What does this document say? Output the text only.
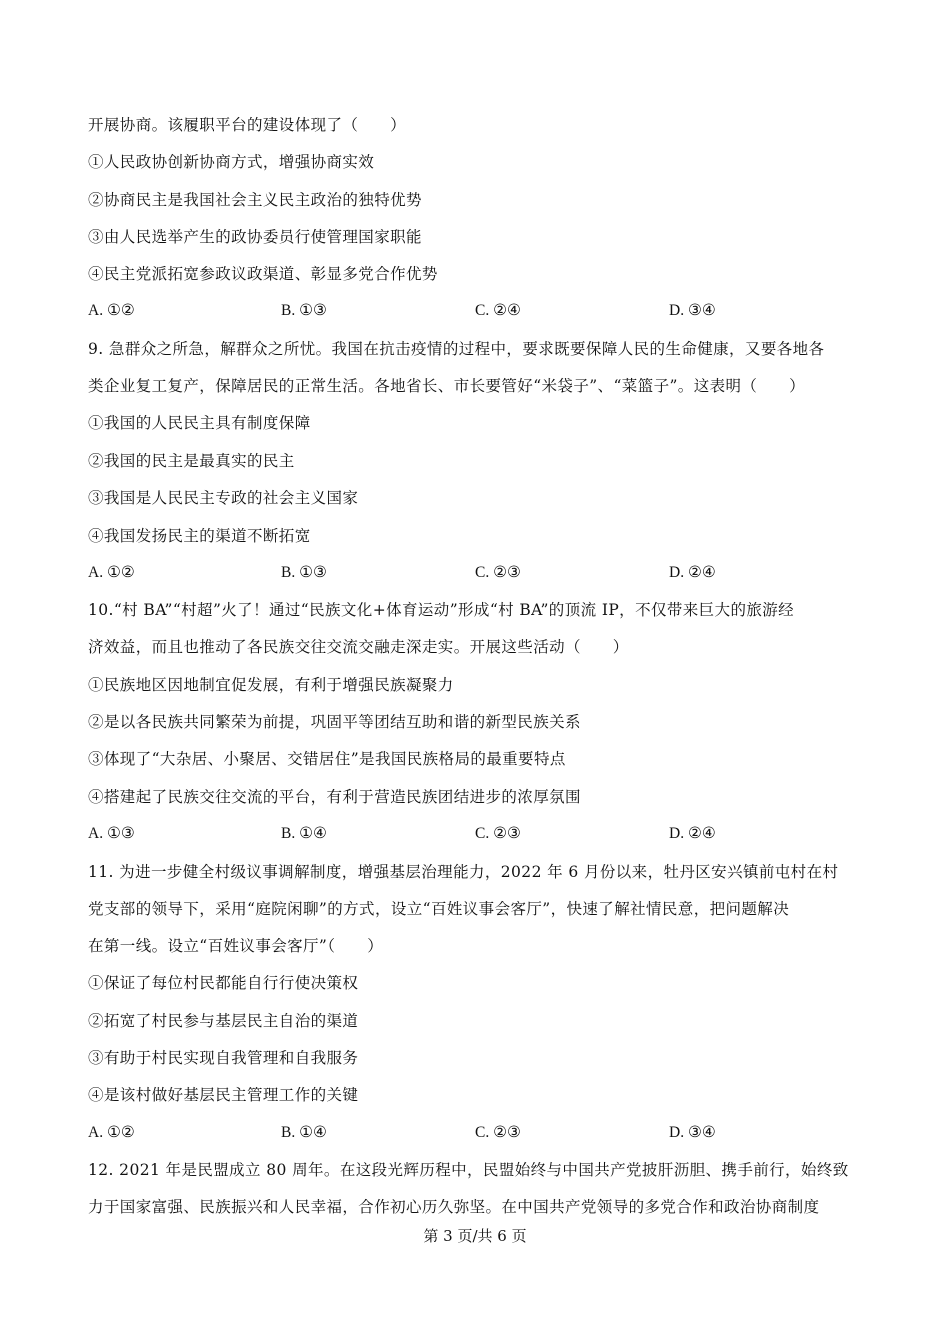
开展协商。该履职平台的建设体现了（　　）
①人民政协创新协商方式，增强协商实效
②协商民主是我国社会主义民主政治的独特优势
③由人民选举产生的政协委员行使管理国家职能
④民主党派拓宽参政议政渠道、彰显多党合作优势
A. ①②	B. ①③	C. ②④	D. ③④
9. 急群众之所急，解群众之所忧。我国在抗击疫情的过程中，要求既要保障人民的生命健康，又要各地各
类企业复工复产，保障居民的正常生活。各地省长、市长要管好“米袋子”、“菜篮子”。这表明（　　）
①我国的人民民主具有制度保障
②我国的民主是最真实的民主
③我国是人民民主专政的社会主义国家
④我国发扬民主的渠道不断拓宽
A. ①②	B. ①③	C. ②③	D. ②④
10.“村 BA”“村超”火了！通过“民族文化+体育运动”形成“村 BA”的顶流 IP，不仅带来巨大的旅游经
济效益，而且也推动了各民族交往交流交融走深走实。开展这些活动（　　）
①民族地区因地制宜促发展，有利于增强民族凝聚力
②是以各民族共同繁荣为前提，巩固平等团结互助和谐的新型民族关系
③体现了“大杂居、小聚居、交错居住”是我国民族格局的最重要特点
④搭建起了民族交往交流的平台，有利于营造民族团结进步的浓厚氛围
A. ①③	B. ①④	C. ②③	D. ②④
11. 为进一步健全村级议事调解制度，增强基层治理能力，2022 年 6 月份以来，牡丹区安兴镇前屯村在村
党支部的领导下，采用“庭院闲聊”的方式，设立“百姓议事会客厅”，快速了解社情民意，把问题解决
在第一线。设立“百姓议事会客厅”（　　）
①保证了每位村民都能自行行使决策权
②拓宽了村民参与基层民主自治的渠道
③有助于村民实现自我管理和自我服务
④是该村做好基层民主管理工作的关键
A. ①②	B. ①④	C. ②③	D. ③④
12. 2021 年是民盟成立 80 周年。在这段光辉历程中，民盟始终与中国共产党披肝沥胆、携手前行，始终致
力于国家富强、民族振兴和人民幸福，合作初心历久弥坚。在中国共产党领导的多党合作和政治协商制度
第 3 页/共 6 页
